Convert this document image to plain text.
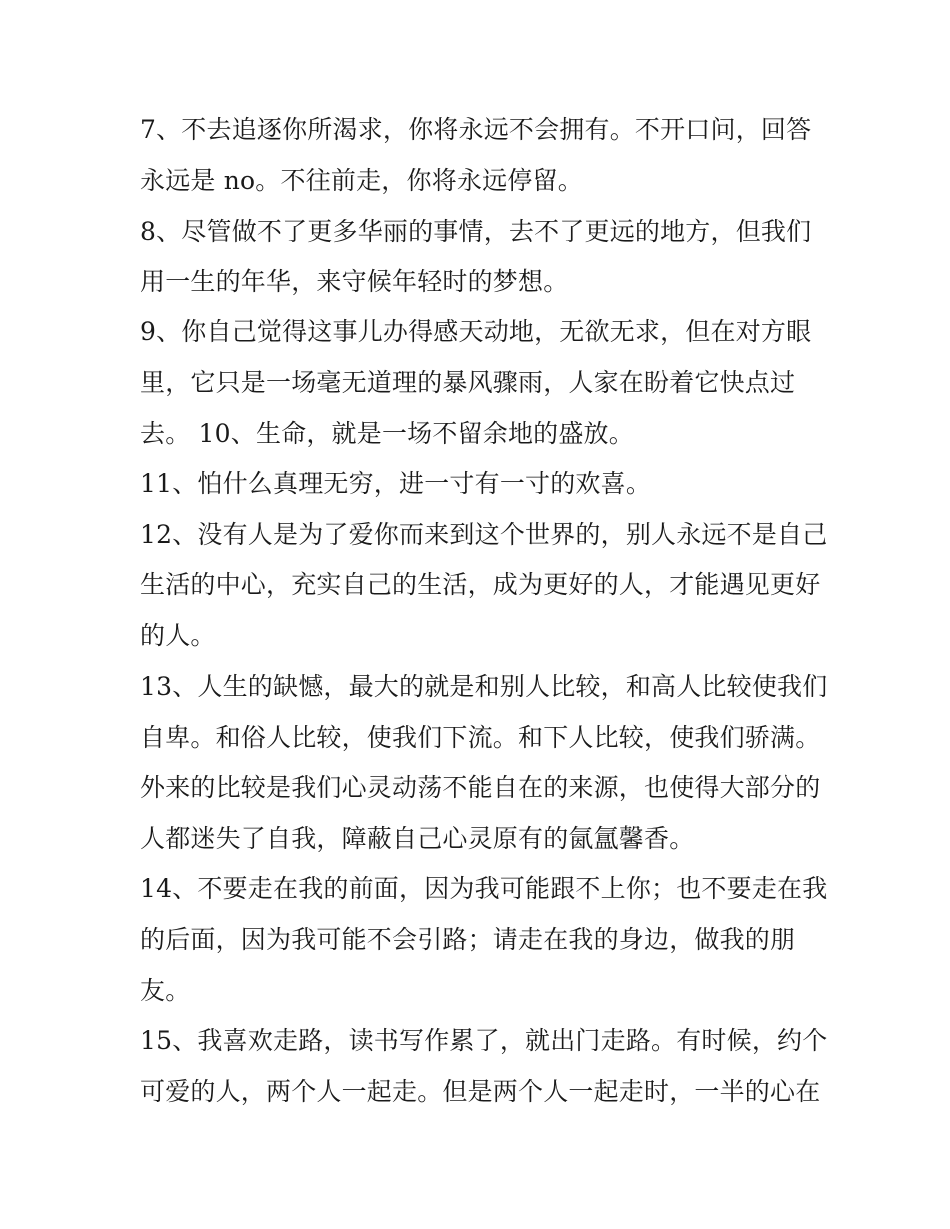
7、不去追逐你所渴求，你将永远不会拥有。不开口问，回答
永远是 no。不往前走，你将永远停留。
8、尽管做不了更多华丽的事情，去不了更远的地方，但我们
用一生的年华，来守候年轻时的梦想。
9、你自己觉得这事儿办得感天动地，无欲无求，但在对方眼
里，它只是一场毫无道理的暴风骤雨，人家在盼着它快点过
去。 10、生命，就是一场不留余地的盛放。
11、怕什么真理无穷，进一寸有一寸的欢喜。
12、没有人是为了爱你而来到这个世界的，别人永远不是自己
生活的中心，充实自己的生活，成为更好的人，才能遇见更好
的人。
13、人生的缺憾，最大的就是和别人比较，和高人比较使我们
自卑。和俗人比较，使我们下流。和下人比较，使我们骄满。
外来的比较是我们心灵动荡不能自在的来源，也使得大部分的
人都迷失了自我，障蔽自己心灵原有的氤氲馨香。
14、不要走在我的前面，因为我可能跟不上你；也不要走在我
的后面，因为我可能不会引路；请走在我的身边，做我的朋
友。
15、我喜欢走路，读书写作累了，就出门走路。有时候，约个
可爱的人，两个人一起走。但是两个人一起走时，一半的心在
